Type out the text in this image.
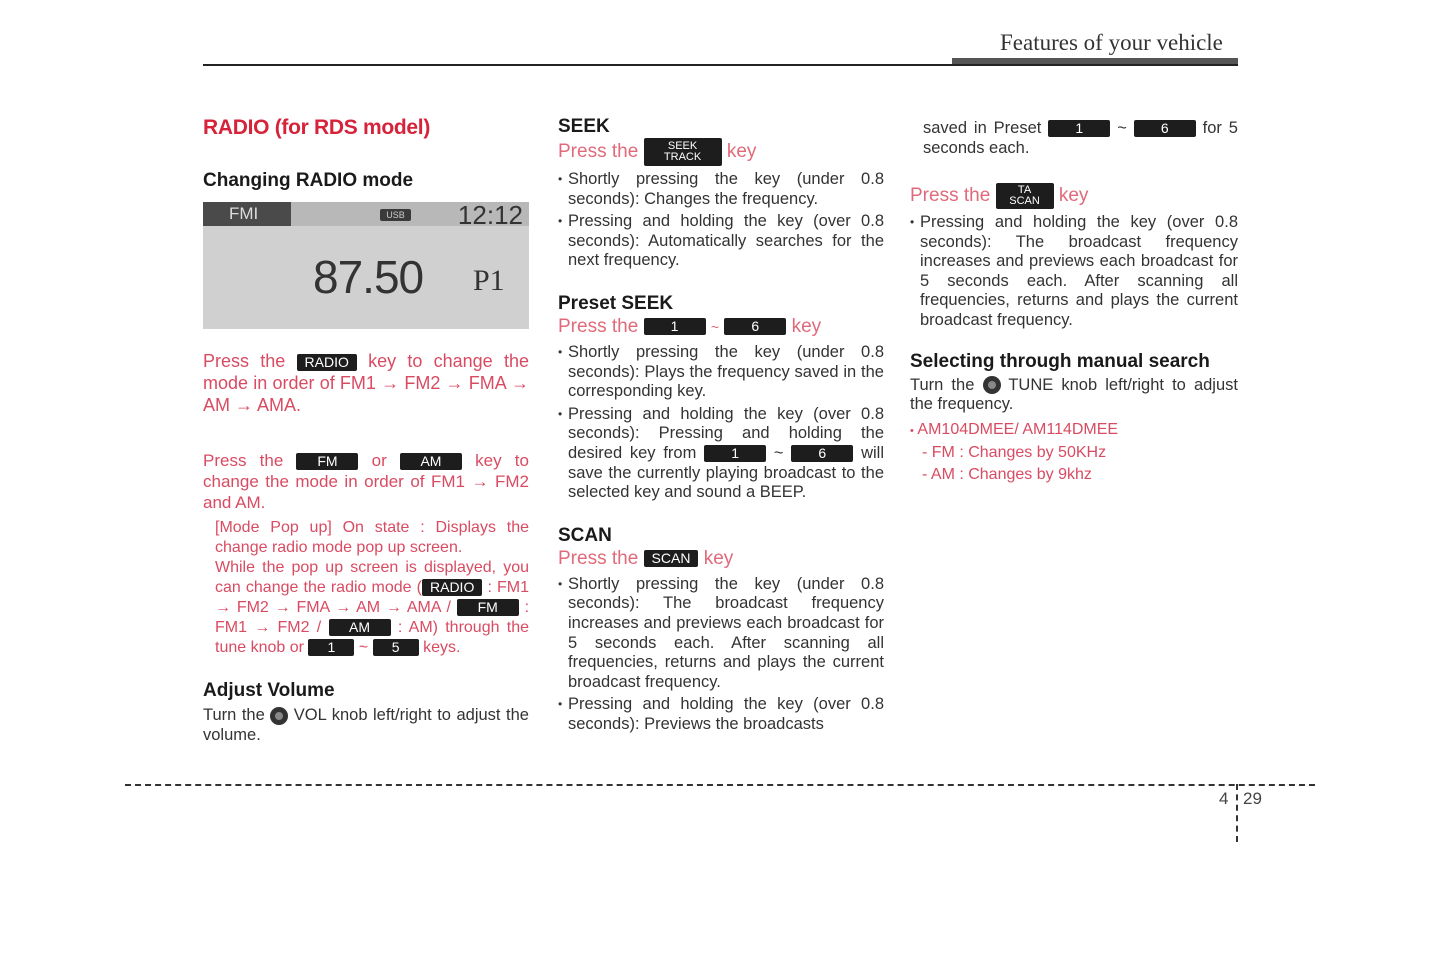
Features of your vehicle

RADIO (for RDS model)

Changing RADIO mode

FMI	USB 12:12
87.50 P1

Press the RADIO key to change the mode in order of FM1 → FM2 → FMA → AM → AMA.

Press the FM or AM key to change the mode in order of FM1 → FM2 and AM.

[Mode Pop up] On state : Displays the change radio mode pop up screen.

While the pop up screen is displayed, you can change the radio mode ( RADIO : FM1 → FM2 → FMA → AM → AMA / FM : FM1 → FM2 / AM : AM) through the tune knob or 1 ~ 5 keys.

Adjust Volume

Turn the VOL knob left/right to adjust the volume.

SEEK

Press the	SEEK TRACK key

• Shortly pressing the key (under 0.8 seconds): Changes the frequency.

• Pressing and holding the key (over 0.8 seconds): Automatically searches for the next frequency.

Preset SEEK

Press the 1 ~ 6 key

• Shortly pressing the key (under 0.8 seconds): Plays the frequency saved in the corresponding key.

• Pressing and holding the key (over 0.8 seconds): Pressing and holding the desired key from 1 ~ 6 will save the currently playing broadcast to the selected key and sound a BEEP.

SCAN

Press the SCAN key

• Shortly pressing the key (under 0.8 seconds): The broadcast frequency increases and previews each broadcast for 5 seconds each. After scanning all frequencies, returns and plays the current broadcast frequency.

• Pressing and holding the key (over 0.8 seconds): Previews the broadcasts

saved in Preset 1 ~ 6 for 5 seconds each.

Press the	TA SCAN key

• Pressing and holding the key (over 0.8 seconds): The broadcast frequency increases and previews each broadcast for 5 seconds each. After scanning all frequencies, returns and plays the current broadcast frequency.

Selecting through manual search

Turn the TUNE knob left/right to adjust the frequency.

• AM104DMEE/ AM114DMEE

- FM : Changes by 50KHz

- AM : Changes by 9khz

4 29
